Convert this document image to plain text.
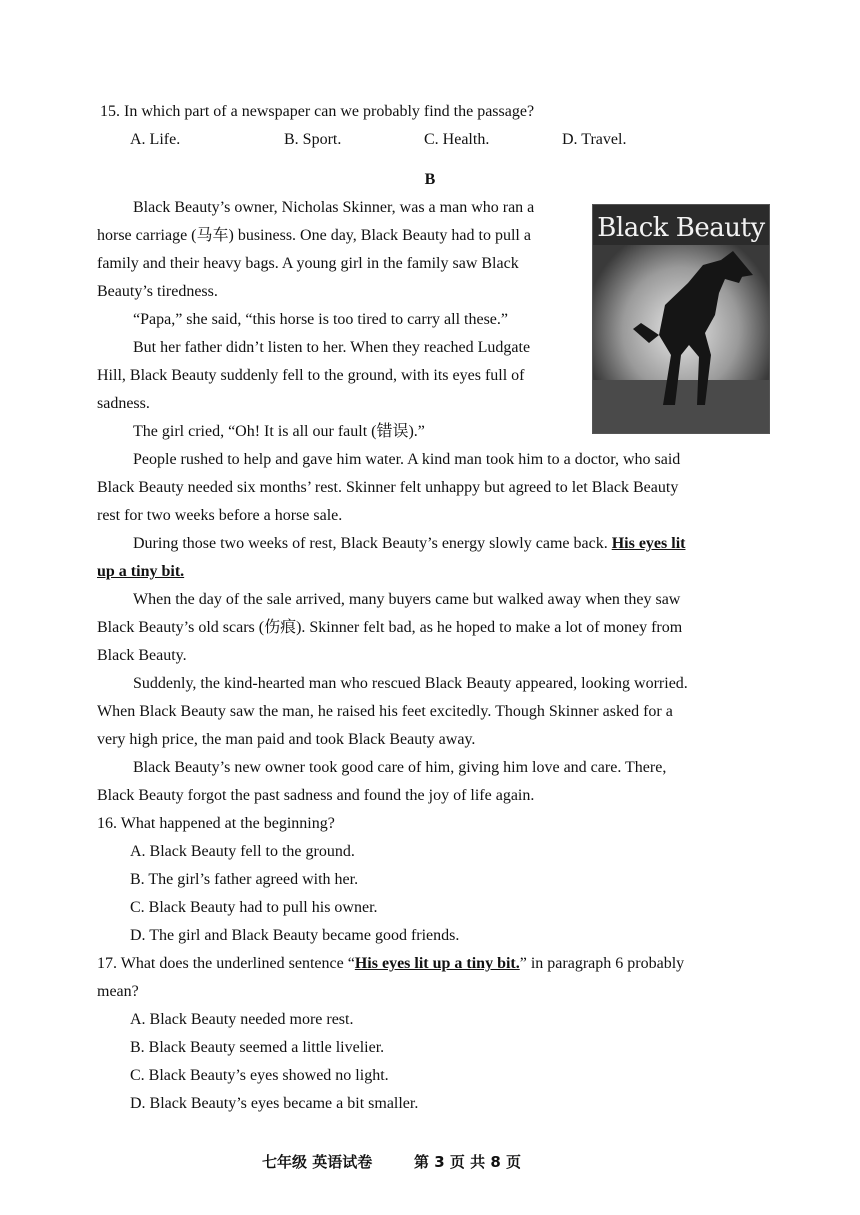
15. In which part of a newspaper can we probably find the passage?
A. Life.	B. Sport.	C. Health.	D. Travel.
B
Black Beauty
Black Beauty’s owner, Nicholas Skinner, was a man who ran a
horse carriage (马车) business. One day, Black Beauty had to pull a
family and their heavy bags. A young girl in the family saw Black
Beauty’s tiredness.
“Papa,” she said, “this horse is too tired to carry all these.”
But her father didn’t listen to her. When they reached Ludgate
Hill, Black Beauty suddenly fell to the ground, with its eyes full of
sadness.
The girl cried, “Oh! It is all our fault (错误).”
People rushed to help and gave him water. A kind man took him to a doctor, who said
Black Beauty needed six months’ rest. Skinner felt unhappy but agreed to let Black Beauty
rest for two weeks before a horse sale.
During those two weeks of rest, Black Beauty’s energy slowly came back. His eyes lit
up a tiny bit.
When the day of the sale arrived, many buyers came but walked away when they saw
Black Beauty’s old scars (伤痕). Skinner felt bad, as he hoped to make a lot of money from
Black Beauty.
Suddenly, the kind-hearted man who rescued Black Beauty appeared, looking worried.
When Black Beauty saw the man, he raised his feet excitedly. Though Skinner asked for a
very high price, the man paid and took Black Beauty away.
Black Beauty’s new owner took good care of him, giving him love and care. There,
Black Beauty forgot the past sadness and found the joy of life again.
16. What happened at the beginning?
A. Black Beauty fell to the ground.
B. The girl’s father agreed with her.
C. Black Beauty had to pull his owner.
D. The girl and Black Beauty became good friends.
17. What does the underlined sentence “His eyes lit up a tiny bit.” in paragraph 6 probably
mean?
A. Black Beauty needed more rest.
B. Black Beauty seemed a little livelier.
C. Black Beauty’s eyes showed no light.
D. Black Beauty’s eyes became a bit smaller.
七年级 英语试卷	第 3 页 共 8 页
